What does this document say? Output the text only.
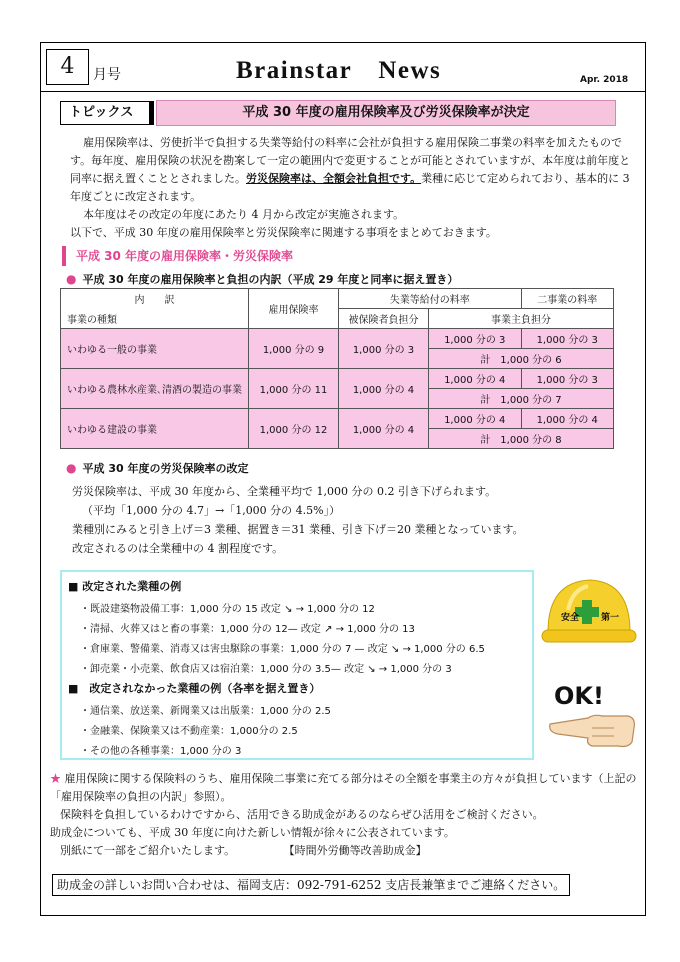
4	月号	Brainstar　News	Apr. 2018
トピックス	平成 30 年度の雇用保険率及び労災保険率が決定

雇用保険率は、労使折半で負担する失業等給付の料率に会社が負担する雇用保険二事業の料率を加えたものです。毎年度、雇用保険の状況を勘案して一定の範囲内で変更することが可能とされていますが、本年度は前年度と同率に据え置くこととされました。労災保険率は、全額会社負担です。業種に応じて定められており、基本的に 3 年度ごとに改定されます。

本年度はその改定の年度にあたり 4 月から改定が実施されます。

以下で、平成 30 年度の雇用保険率と労災保険率に関連する事項をまとめておきます。

平成 30 年度の雇用保険率・労災保険率
● 平成 30 年度の雇用保険率と負担の内訳（平成 29 年度と同率に据え置き）
内　　訳	雇用保険率	失業等給付の料率		二事業の料率
事業の種類		被保険者負担分	事業主負担分	
いわゆる一般の事業	1,000 分の 9	1,000 分の 3	1,000 分の 3	1,000 分の 3
			計　1,000 分の 6	
いわゆる農林水産業､清酒の製造の事業	1,000 分の 11	1,000 分の 4	1,000 分の 4	1,000 分の 3
			計　1,000 分の 7	
いわゆる建設の事業	1,000 分の 12	1,000 分の 4	1,000 分の 4	1,000 分の 4
			計　1,000 分の 8	
● 平成 30 年度の労災保険率の改定
労災保険率は、平成 30 年度から、全業種平均で 1,000 分の 0.2 引き下げられます。
（平均「1,000 分の 4.7」→「1,000 分の 4.5%」）
業種別にみると引き上げ＝3 業種、据置き＝31 業種、引き下げ＝20 業種となっています。
改定されるのは全業種中の 4 割程度です。
■ 改定された業種の例
・既設建築物設備工事：1,000 分の 15 改定 ↘ → 1,000 分の 12
・清掃、火葬又はと畜の事業：1,000 分の 12— 改定 ↗ → 1,000 分の 13
・倉庫業、警備業、消毒又は害虫駆除の事業：1,000 分の 7 — 改定 ↘ → 1,000 分の 6.5
・卸売業・小売業、飲食店又は宿泊業：1,000 分の 3.5— 改定 ↘ → 1,000 分の 3
■　改定されなかった業種の例（各率を据え置き）
・通信業、放送業、新聞業又は出版業：1,000 分の 2.5
・金融業、保険業又は不動産業：1,000分の 2.5
・その他の各種事業：1,000 分の 3
安全 第一
OK!
★ 雇用保険に関する保険料のうち、雇用保険二事業に充てる部分はその全額を事業主の方々が負担しています（上記の「雇用保険率の負担の内訳」参照）。
保険料を負担しているわけですから、活用できる助成金があるのならぜひ活用をご検討ください。
助成金についても、平成 30 年度に向けた新しい情報が徐々に公表されています。
別紙にて一部をご紹介いたします。	【時間外労働等改善助成金】
助成金の詳しいお問い合わせは、福岡支店：092-791-6252 支店長兼筆までご連絡ください。
